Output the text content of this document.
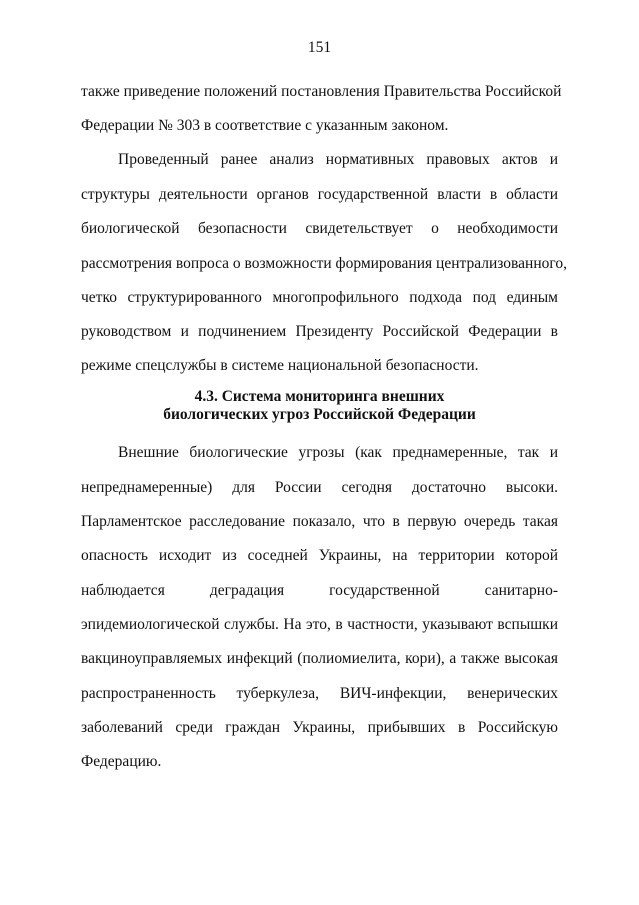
151
также приведение положений постановления Правительства Российской
Федерации № 303 в соответствие с указанным законом.
Проведенный ранее анализ нормативных правовых актов и
структуры деятельности органов государственной власти в области
биологической безопасности свидетельствует о необходимости
рассмотрения вопроса о возможности формирования централизованного,
четко структурированного многопрофильного подхода под единым
руководством и подчинением Президенту Российской Федерации в
режиме спецслужбы в системе национальной безопасности.
4.3. Система мониторинга внешних
биологических угроз Российской Федерации
Внешние биологические угрозы (как преднамеренные, так и
непреднамеренные) для России сегодня достаточно высоки.
Парламентское расследование показало, что в первую очередь такая
опасность исходит из соседней Украины, на территории которой
наблюдается деградация государственной санитарно-
эпидемиологической службы. На это, в частности, указывают вспышки
вакциноуправляемых инфекций (полиомиелита, кори), а также высокая
распространенность туберкулеза, ВИЧ-инфекции, венерических
заболеваний среди граждан Украины, прибывших в Российскую
Федерацию.
